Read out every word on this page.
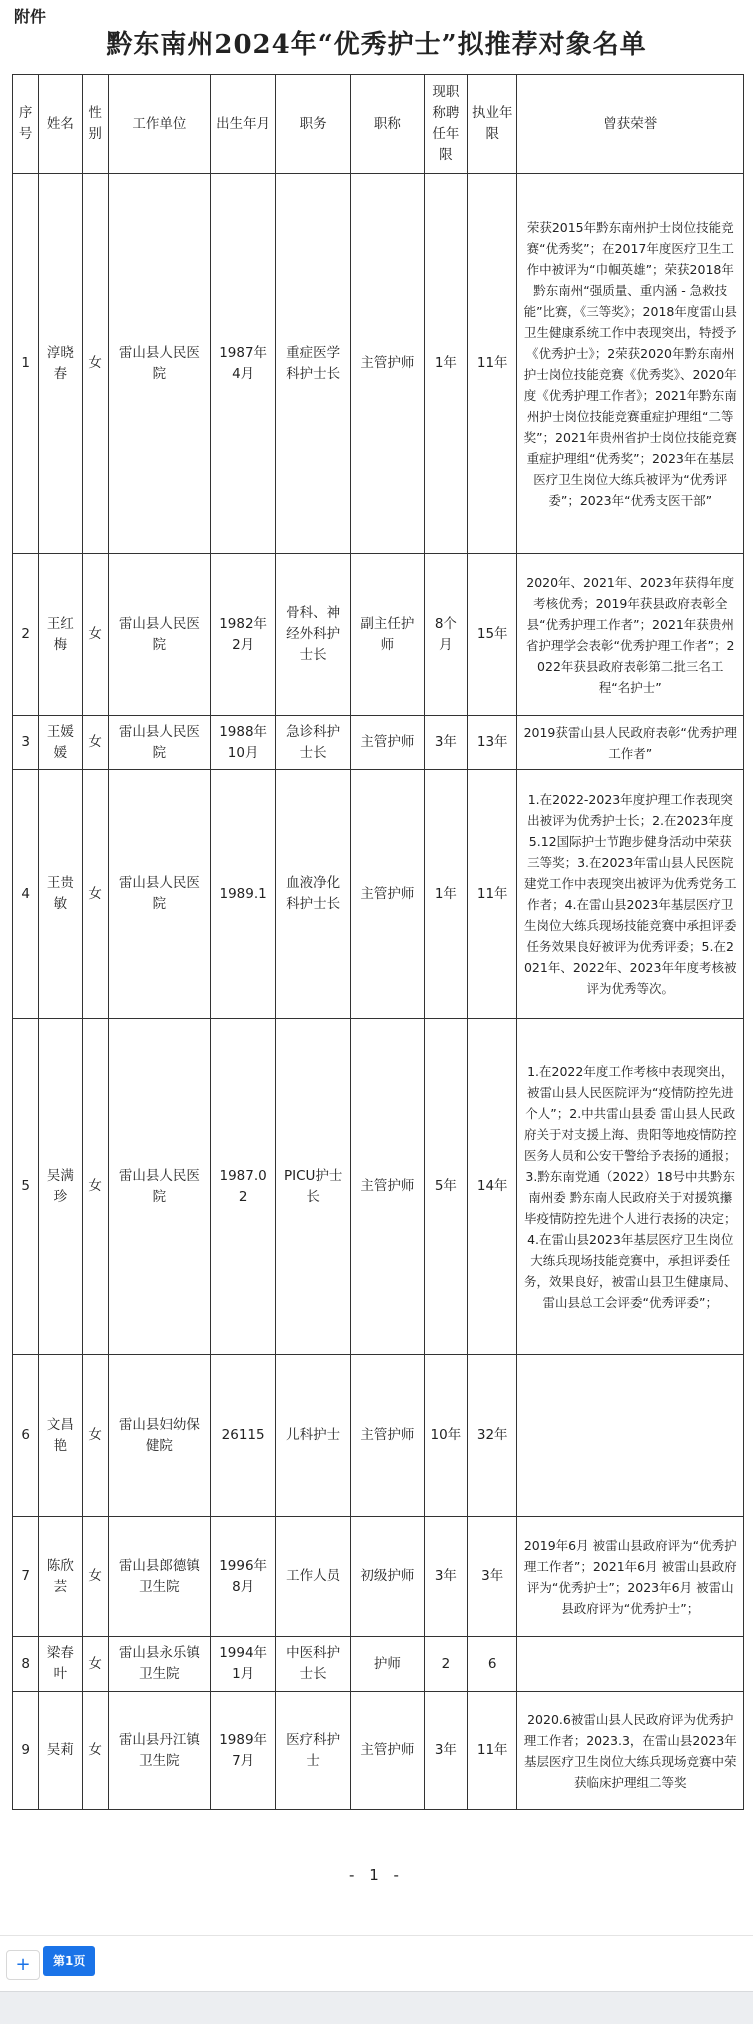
附件
黔东南州2024年“优秀护士”拟推荐对象名单
序号	姓名	性别	工作单位	出生年月	职务	职称	现职称聘任年限	执业年限	曾获荣誉
1	淳晓春	女	雷山县人民医院	1987年4月	重症医学科护士长	主管护师	1年	11年	荣获2015年黔东南州护士岗位技能竞赛“优秀奖”；在2017年度医疗卫生工作中被评为“巾帼英雄”；荣获2018年黔东南州“强质量、重内涵 - 急救技能”比赛，《三等奖》；2018年度雷山县卫生健康系统工作中表现突出，特授予《优秀护士》；2荣获2020年黔东南州护士岗位技能竞赛《优秀奖》、2020年度《优秀护理工作者》；2021年黔东南州护士岗位技能竞赛重症护理组“二等奖”；2021年贵州省护士岗位技能竞赛重症护理组“优秀奖”；2023年在基层医疗卫生岗位大练兵被评为“优秀评委”；2023年“优秀支医干部”
2	王红梅	女	雷山县人民医院	1982年2月	骨科、神经外科护士长	副主任护师	8个月	15年	2020年、2021年、2023年获得年度考核优秀；2019年获县政府表彰全县“优秀护理工作者”；2021年获贵州省护理学会表彰“优秀护理工作者”；2022年获县政府表彰第二批三名工程“名护士”
3	王媛媛	女	雷山县人民医院	1988年10月	急诊科护士长	主管护师	3年	13年	2019获雷山县人民政府表彰“优秀护理工作者”
4	王贵敏	女	雷山县人民医院	1989.1	血液净化科护士长	主管护师	1年	11年	1.在2022-2023年度护理工作表现突出被评为优秀护士长；2.在2023年度5.12国际护士节跑步健身活动中荣获三等奖；3.在2023年雷山县人民医院建党工作中表现突出被评为优秀党务工作者；4.在雷山县2023年基层医疗卫生岗位大练兵现场技能竞赛中承担评委任务效果良好被评为优秀评委；5.在2021年、2022年、2023年年度考核被评为优秀等次。
5	吴满珍	女	雷山县人民医院	1987.02	PICU护士长	主管护师	5年	14年	1.在2022年度工作考核中表现突出，被雷山县人民医院评为“疫情防控先进个人”；2.中共雷山县委 雷山县人民政府关于对支援上海、贵阳等地疫情防控医务人员和公安干警给予表扬的通报；3.黔东南党通（2022）18号中共黔东南州委 黔东南人民政府关于对援筑攥毕疫情防控先进个人进行表扬的决定；4.在雷山县2023年基层医疗卫生岗位大练兵现场技能竞赛中，承担评委任务，效果良好，被雷山县卫生健康局、雷山县总工会评委“优秀评委”；
6	文昌艳	女	雷山县妇幼保健院	26115	儿科护士	主管护师	10年	32年	
7	陈欣芸	女	雷山县郎德镇卫生院	1996年8月	工作人员	初级护师	3年	3年	2019年6月 被雷山县政府评为“优秀护理工作者”；2021年6月 被雷山县政府评为“优秀护士”；2023年6月 被雷山县政府评为“优秀护士”；
8	梁春叶	女	雷山县永乐镇卫生院	1994年1月	中医科护士长	护师	2	6	
9	吴莉	女	雷山县丹江镇卫生院	1989年7月	医疗科护士	主管护师	3年	11年	2020.6被雷山县人民政府评为优秀护理工作者；2023.3，在雷山县2023年基层医疗卫生岗位大练兵现场竞赛中荣获临床护理组二等奖
- 1 -
+	第1页
